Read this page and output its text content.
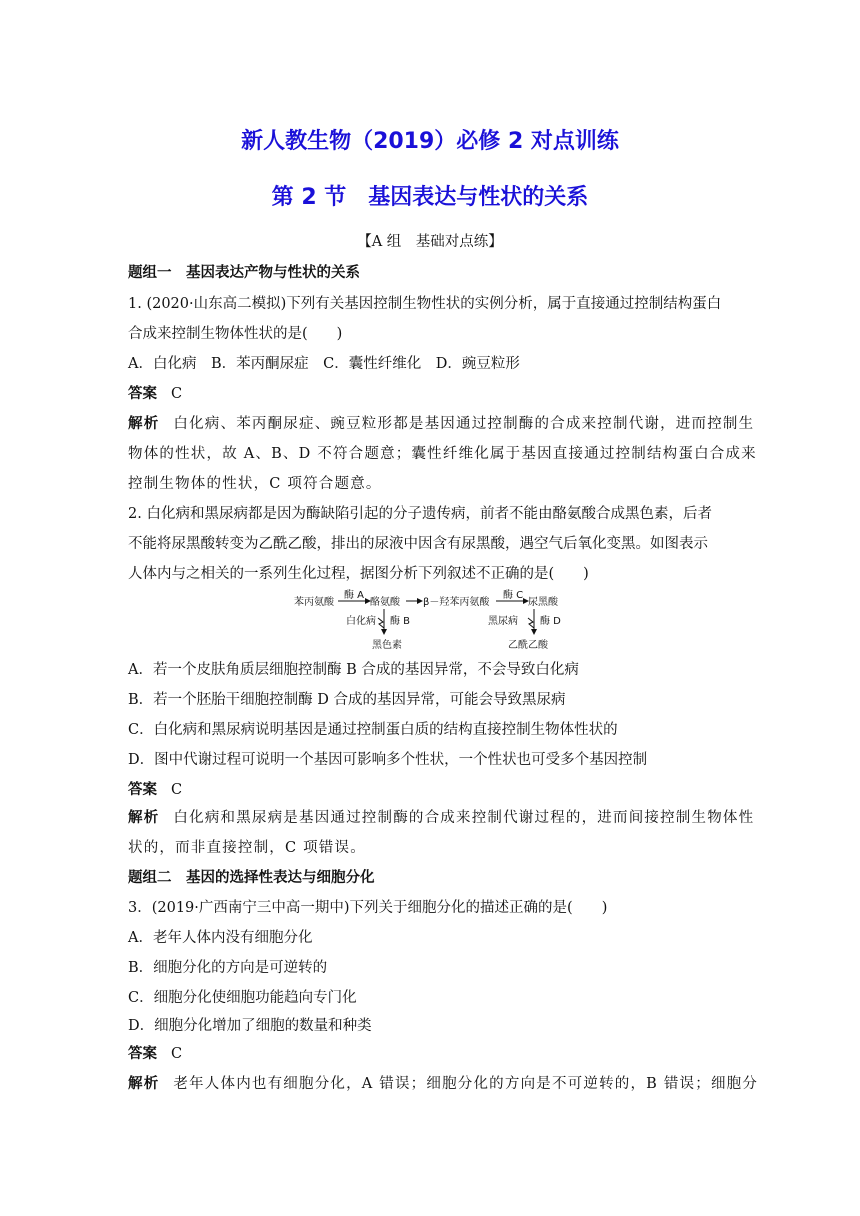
新人教生物（2019）必修 2 对点训练
第 2 节　基因表达与性状的关系
【A 组　基础对点练】
题组一　基因表达产物与性状的关系
1. (2020·山东高二模拟)下列有关基因控制生物性状的实例分析，属于直接通过控制结构蛋白
合成来控制生物体性状的是(　　)
A．白化病　B．苯丙酮尿症　C．囊性纤维化　D．豌豆粒形
答案 C
解析 白化病、苯丙酮尿症、豌豆粒形都是基因通过控制酶的合成来控制代谢，进而控制生
物体的性状，故 A、B、D 不符合题意；囊性纤维化属于基因直接通过控制结构蛋白合成来
控制生物体的性状，C 项符合题意。
2. 白化病和黑尿病都是因为酶缺陷引起的分子遗传病，前者不能由酪氨酸合成黑色素，后者
不能将尿黑酸转变为乙酰乙酸，排出的尿液中因含有尿黑酸，遇空气后氧化变黑。如图表示
人体内与之相关的一系列生化过程，据图分析下列叙述不正确的是(　　)
苯丙氨酸
酶 A
酪氨酸 β－羟苯丙氨酸
酶 C
尿黑酸
白化病 酶 B
黑色素
黑尿病 酶 D
乙酰乙酸
A．若一个皮肤角质层细胞控制酶 B 合成的基因异常，不会导致白化病
B．若一个胚胎干细胞控制酶 D 合成的基因异常，可能会导致黑尿病
C．白化病和黑尿病说明基因是通过控制蛋白质的结构直接控制生物体性状的
D．图中代谢过程可说明一个基因可影响多个性状，一个性状也可受多个基因控制
答案 C
解析 白化病和黑尿病是基因通过控制酶的合成来控制代谢过程的，进而间接控制生物体性
状的，而非直接控制，C 项错误。
题组二　基因的选择性表达与细胞分化
3．(2019·广西南宁三中高一期中)下列关于细胞分化的描述正确的是(　　)
A．老年人体内没有细胞分化
B．细胞分化的方向是可逆转的
C．细胞分化使细胞功能趋向专门化
D．细胞分化增加了细胞的数量和种类
答案 C
解析 老年人体内也有细胞分化，A 错误；细胞分化的方向是不可逆转的，B 错误；细胞分
